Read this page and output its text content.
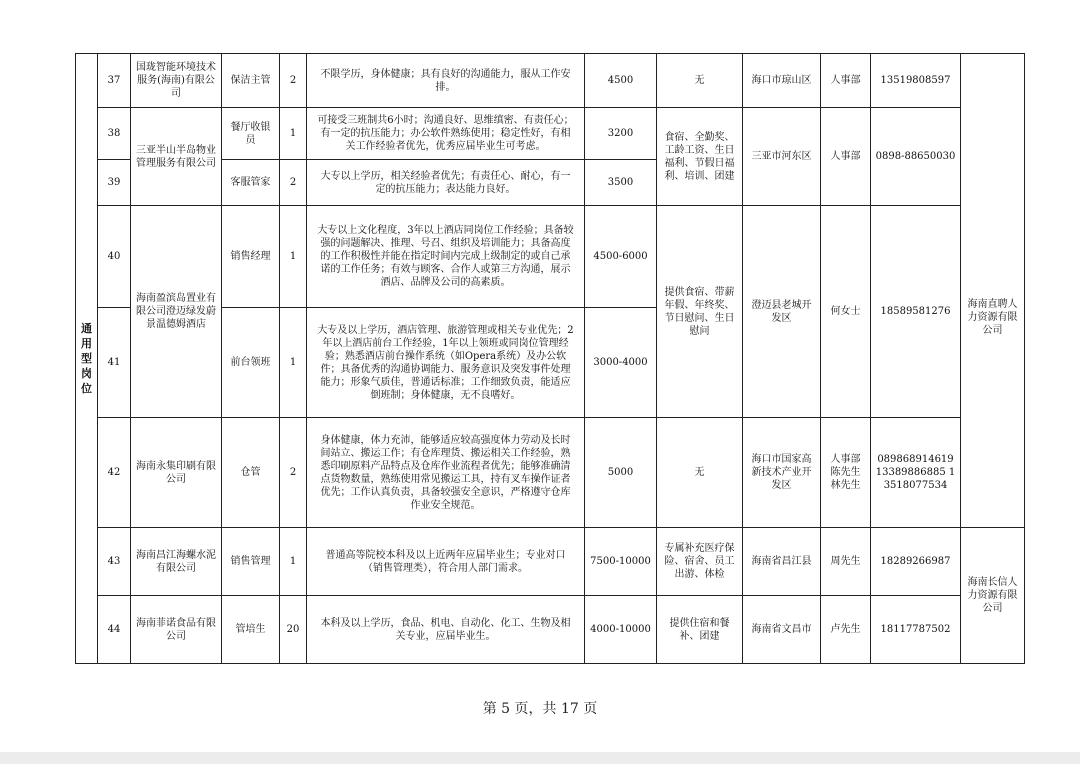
通用型岗位	37	国珑智能环境技术服务(海南)有限公司	保洁主管	2	不限学历，身体健康；具有良好的沟通能力，服从工作安排。	4500	无	海口市琼山区	人事部	13519808597	
	38	三亚半山半岛物业管理服务有限公司	餐厅收银员	1	可接受三班制共6小时；沟通良好、思维缜密、有责任心；有一定的抗压能力；办公软件熟练使用；稳定性好，有相关工作经验者优先，优秀应届毕业生可考虑。	3200	食宿、全勤奖、工龄工资、生日福利、节假日福利、培训、团建	三亚市河东区	人事部	0898-88650030	海南直聘人力资源有限公司
	39		客服管家	2	大专以上学历，相关经验者优先；有责任心、耐心，有一定的抗压能力；表达能力良好。	3500					
	40	海南盈滨岛置业有限公司澄迈绿发蔚景温德姆酒店	销售经理	1	大专以上文化程度，3年以上酒店同岗位工作经验；具备较强的问题解决、推理、号召、组织及培训能力；具备高度的工作积极性并能在指定时间内完成上级制定的或自己承诺的工作任务；有效与顾客、合作人或第三方沟通，展示酒店、品牌及公司的高素质。	4500-6000	提供食宿、带薪年假、年终奖、节日慰问、生日慰问	澄迈县老城开发区	何女士	18589581276	
	41		前台领班	1	大专及以上学历，酒店管理、旅游管理或相关专业优先；2年以上酒店前台工作经验，1年以上领班或同岗位管理经验；熟悉酒店前台操作系统（如Opera系统）及办公软件；具备优秀的沟通协调能力、服务意识及突发事件处理能力；形象气质佳，普通话标准；工作细致负责，能适应倒班制；身体健康，无不良嗜好。	3000-4000					
	42	海南永集印刷有限公司	仓管	2	身体健康，体力充沛，能够适应较高强度体力劳动及长时间站立、搬运工作；有仓库理货、搬运相关工作经验，熟悉印刷原料产品特点及仓库作业流程者优先；能够准确清点货物数量，熟练使用常见搬运工具，持有叉车操作证者优先；工作认真负责，具备较强安全意识，严格遵守仓库作业安全规范。	5000	无	海口市国家高新技术产业开发区	人事部 陈先生 林先生	089868914619 13389886885 13518077534	
	43	海南昌江海螺水泥有限公司	销售管理	1	普通高等院校本科及以上近两年应届毕业生；专业对口（销售管理类），符合用人部门需求。	7500-10000	专属补充医疗保险、宿舍、员工出游、体检	海南省昌江县	周先生	18289266987	海南长信人力资源有限公司
	44	海南菲诺食品有限公司	管培生	20	本科及以上学历，食品、机电、自动化、化工、生物及相关专业，应届毕业生。	4000-10000	提供住宿和餐补、团建	海南省文昌市	卢先生	18117787502	
第 5 页，共 17 页
